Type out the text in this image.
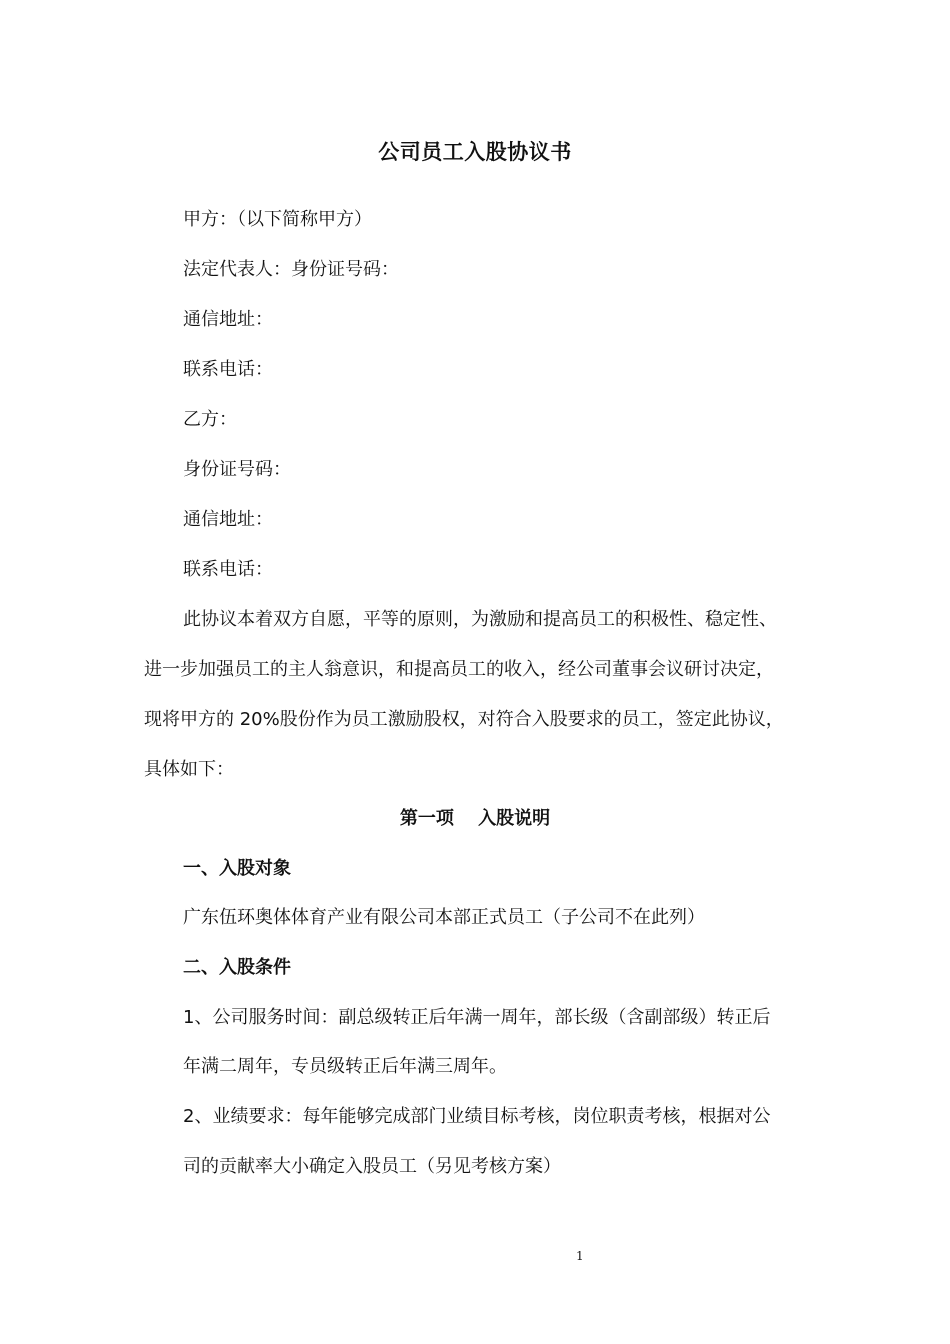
公司员工入股协议书
甲方：（以下简称甲方）
法定代表人：身份证号码：
通信地址：
联系电话：
乙方：
身份证号码：
通信地址：
联系电话：
此协议本着双方自愿，平等的原则，为激励和提高员工的积极性、稳定性、
进一步加强员工的主人翁意识，和提高员工的收入，经公司董事会议研讨决定，
现将甲方的 20%股份作为员工激励股权，对符合入股要求的员工，签定此协议，
具体如下：
第一项　 入股说明
一、入股对象
广东伍环奥体体育产业有限公司本部正式员工（子公司不在此列）
二、入股条件
1、公司服务时间：副总级转正后年满一周年，部长级（含副部级）转正后
年满二周年，专员级转正后年满三周年。
2、业绩要求：每年能够完成部门业绩目标考核，岗位职责考核，根据对公
司的贡献率大小确定入股员工（另见考核方案）
1
